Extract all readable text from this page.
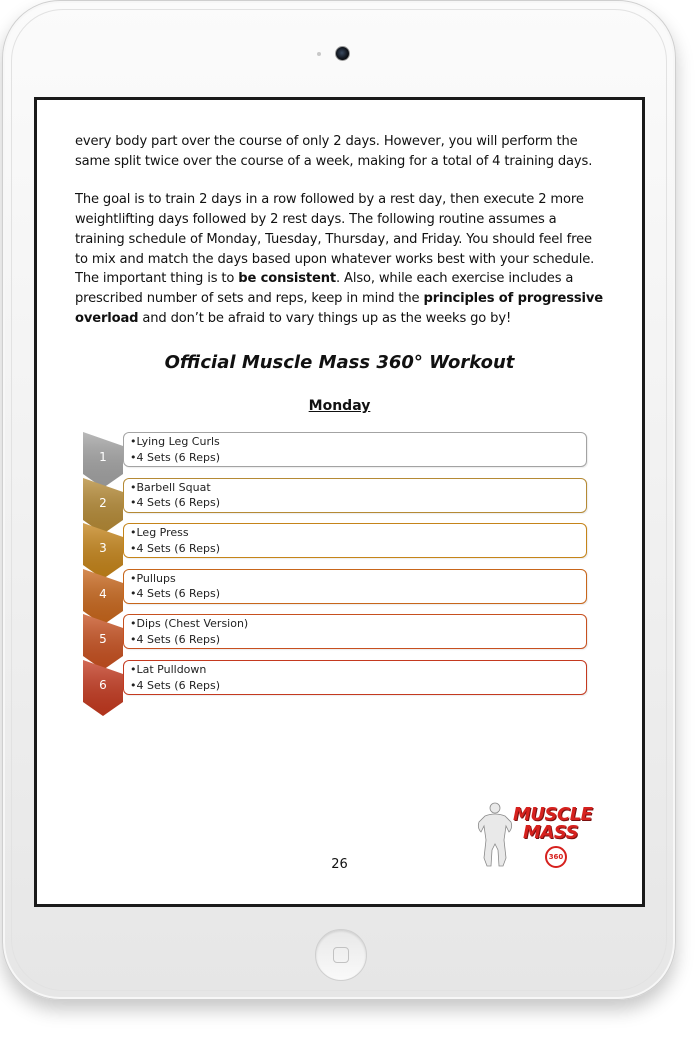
every body part over the course of only 2 days. However, you will perform the same split twice over the course of a week, making for a total of 4 training days.

The goal is to train 2 days in a row followed by a rest day, then execute 2 more weightlifting days followed by 2 rest days. The following routine assumes a training schedule of Monday, Tuesday, Thursday, and Friday. You should feel free to mix and match the days based upon whatever works best with your schedule. The important thing is to be consistent. Also, while each exercise includes a prescribed number of sets and reps, keep in mind the principles of progressive overload and don’t be afraid to vary things up as the weeks go by!

Official Muscle Mass 360° Workout
Monday
1
•Lying Leg Curls
•4 Sets (6 Reps)
2
•Barbell Squat
•4 Sets (6 Reps)
3
•Leg Press
•4 Sets (6 Reps)
4
•Pullups
•4 Sets (6 Reps)
5
•Dips (Chest Version)
•4 Sets (6 Reps)
6
•Lat Pulldown
•4 Sets (6 Reps)
MUSCLE
MASS
360
26
